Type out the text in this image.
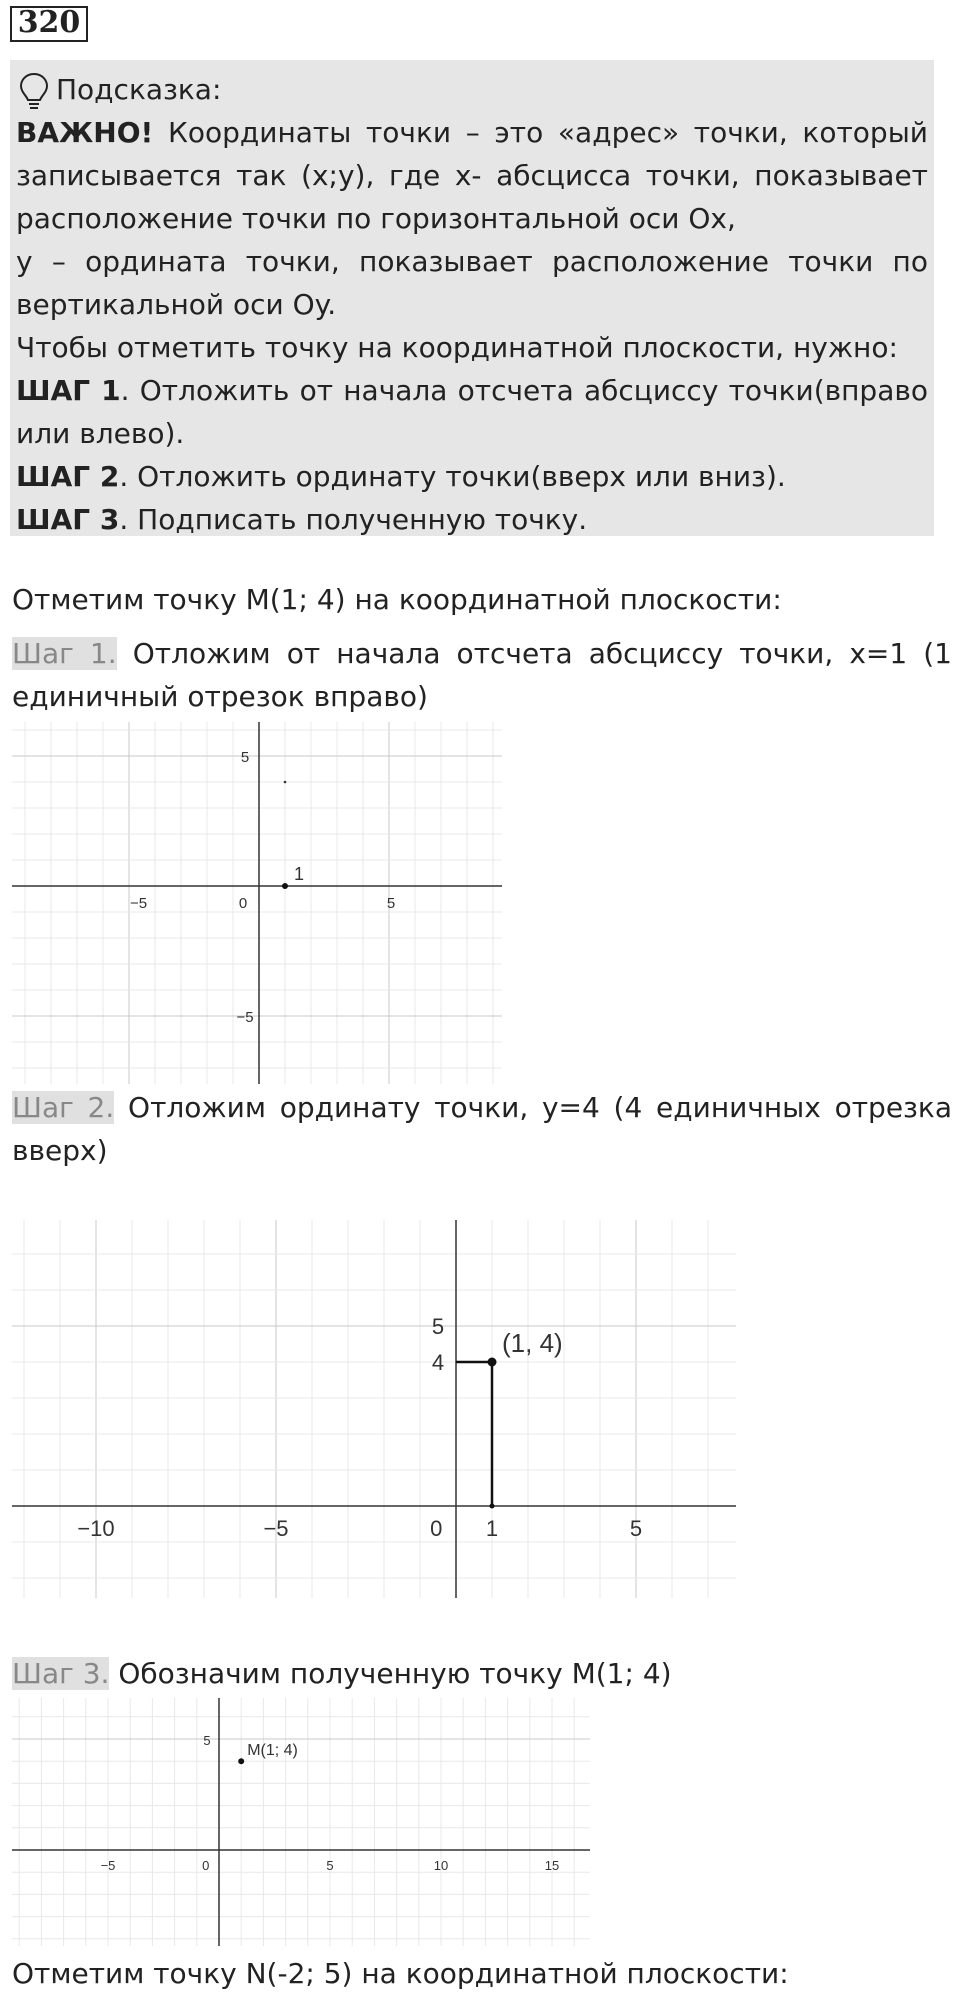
320

Подсказка:

ВАЖНО! Координаты точки – это «адрес» точки, который записывается так (x;y), где x- абсцисса точки, показывает расположение точки по горизонтальной оси Ox,

y – ордината точки, показывает расположение точки по вертикальной оси Oy.

Чтобы отметить точку на координатной плоскости, нужно:

ШАГ 1. Отложить от начала отсчета абсциссу точки(вправо или влево).

ШАГ 2. Отложить ординату точки(вверх или вниз).

ШАГ 3. Подписать полученную точку.

Отметим точку M(1; 4) на координатной плоскости:
Шаг 1. Отложим от начала отсчета абсциссу точки, x=1 (1 единичный отрезок вправо)
−5	0	5
5
−5
1
Шаг 2. Отложим ординату точки, y=4 (4 единичных отрезка вверх)
−10	−5	0 1	5
5
4
(1, 4)
Шаг 3. Обозначим полученную точку M(1; 4)
−5	0	5	10	15
5
M(1; 4)
Отметим точку N(-2; 5) на координатной плоскости:
